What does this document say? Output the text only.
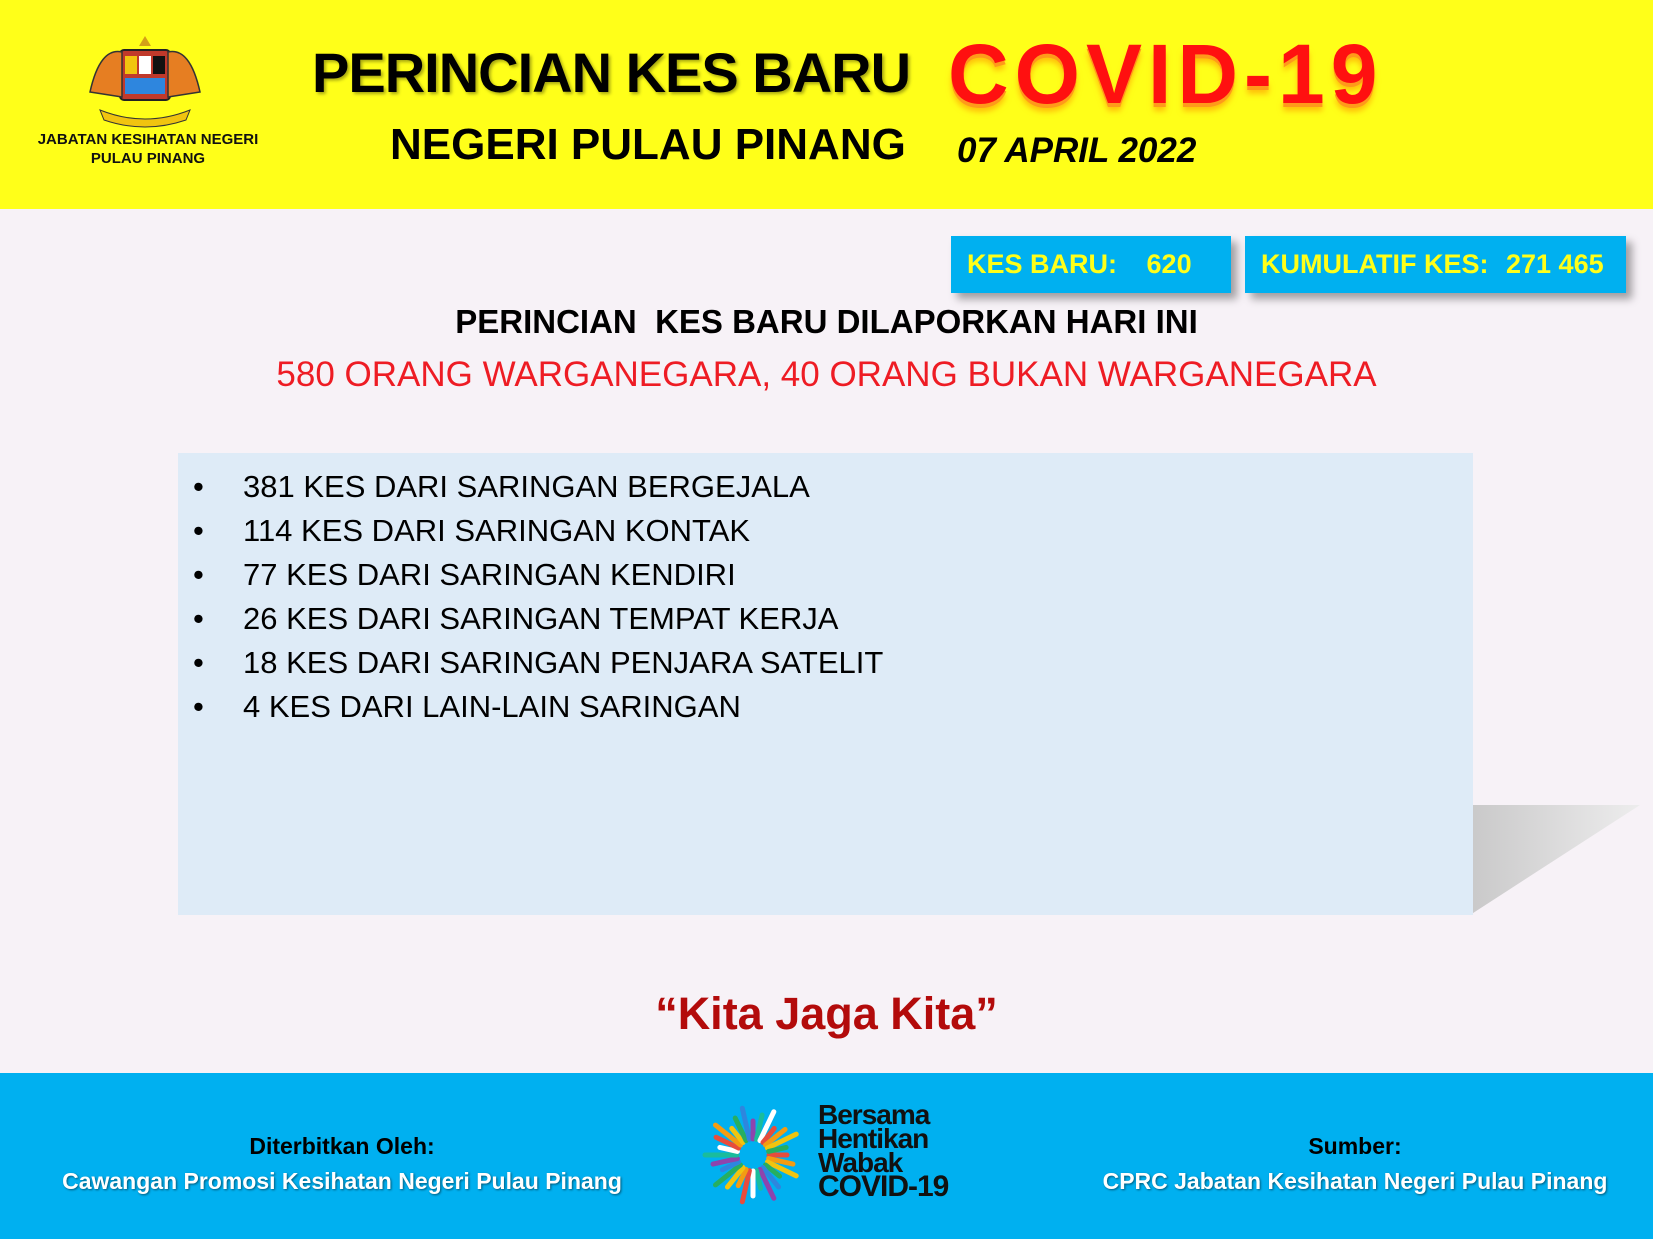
JABATAN KESIHATAN NEGERI PULAU PINANG
PERINCIAN KES BARU COVID-19
NEGERI PULAU PINANG 07 APRIL 2022
KES BARU: 620	KUMULATIF KES: 271 465
PERINCIAN  KES BARU DILAPORKAN HARI INI
580 ORANG WARGANEGARA, 40 ORANG BUKAN WARGANEGARA
• 381 KES DARI SARINGAN BERGEJALA
• 114 KES DARI SARINGAN KONTAK
• 77 KES DARI SARINGAN KENDIRI
• 26 KES DARI SARINGAN TEMPAT KERJA
• 18 KES DARI SARINGAN PENJARA SATELIT
• 4 KES DARI LAIN-LAIN SARINGAN
“Kita Jaga Kita”
Diterbitkan Oleh:
Cawangan Promosi Kesihatan Negeri Pulau Pinang
Bersama
Hentikan
Wabak
COVID-19
Sumber:
CPRC Jabatan Kesihatan Negeri Pulau Pinang
